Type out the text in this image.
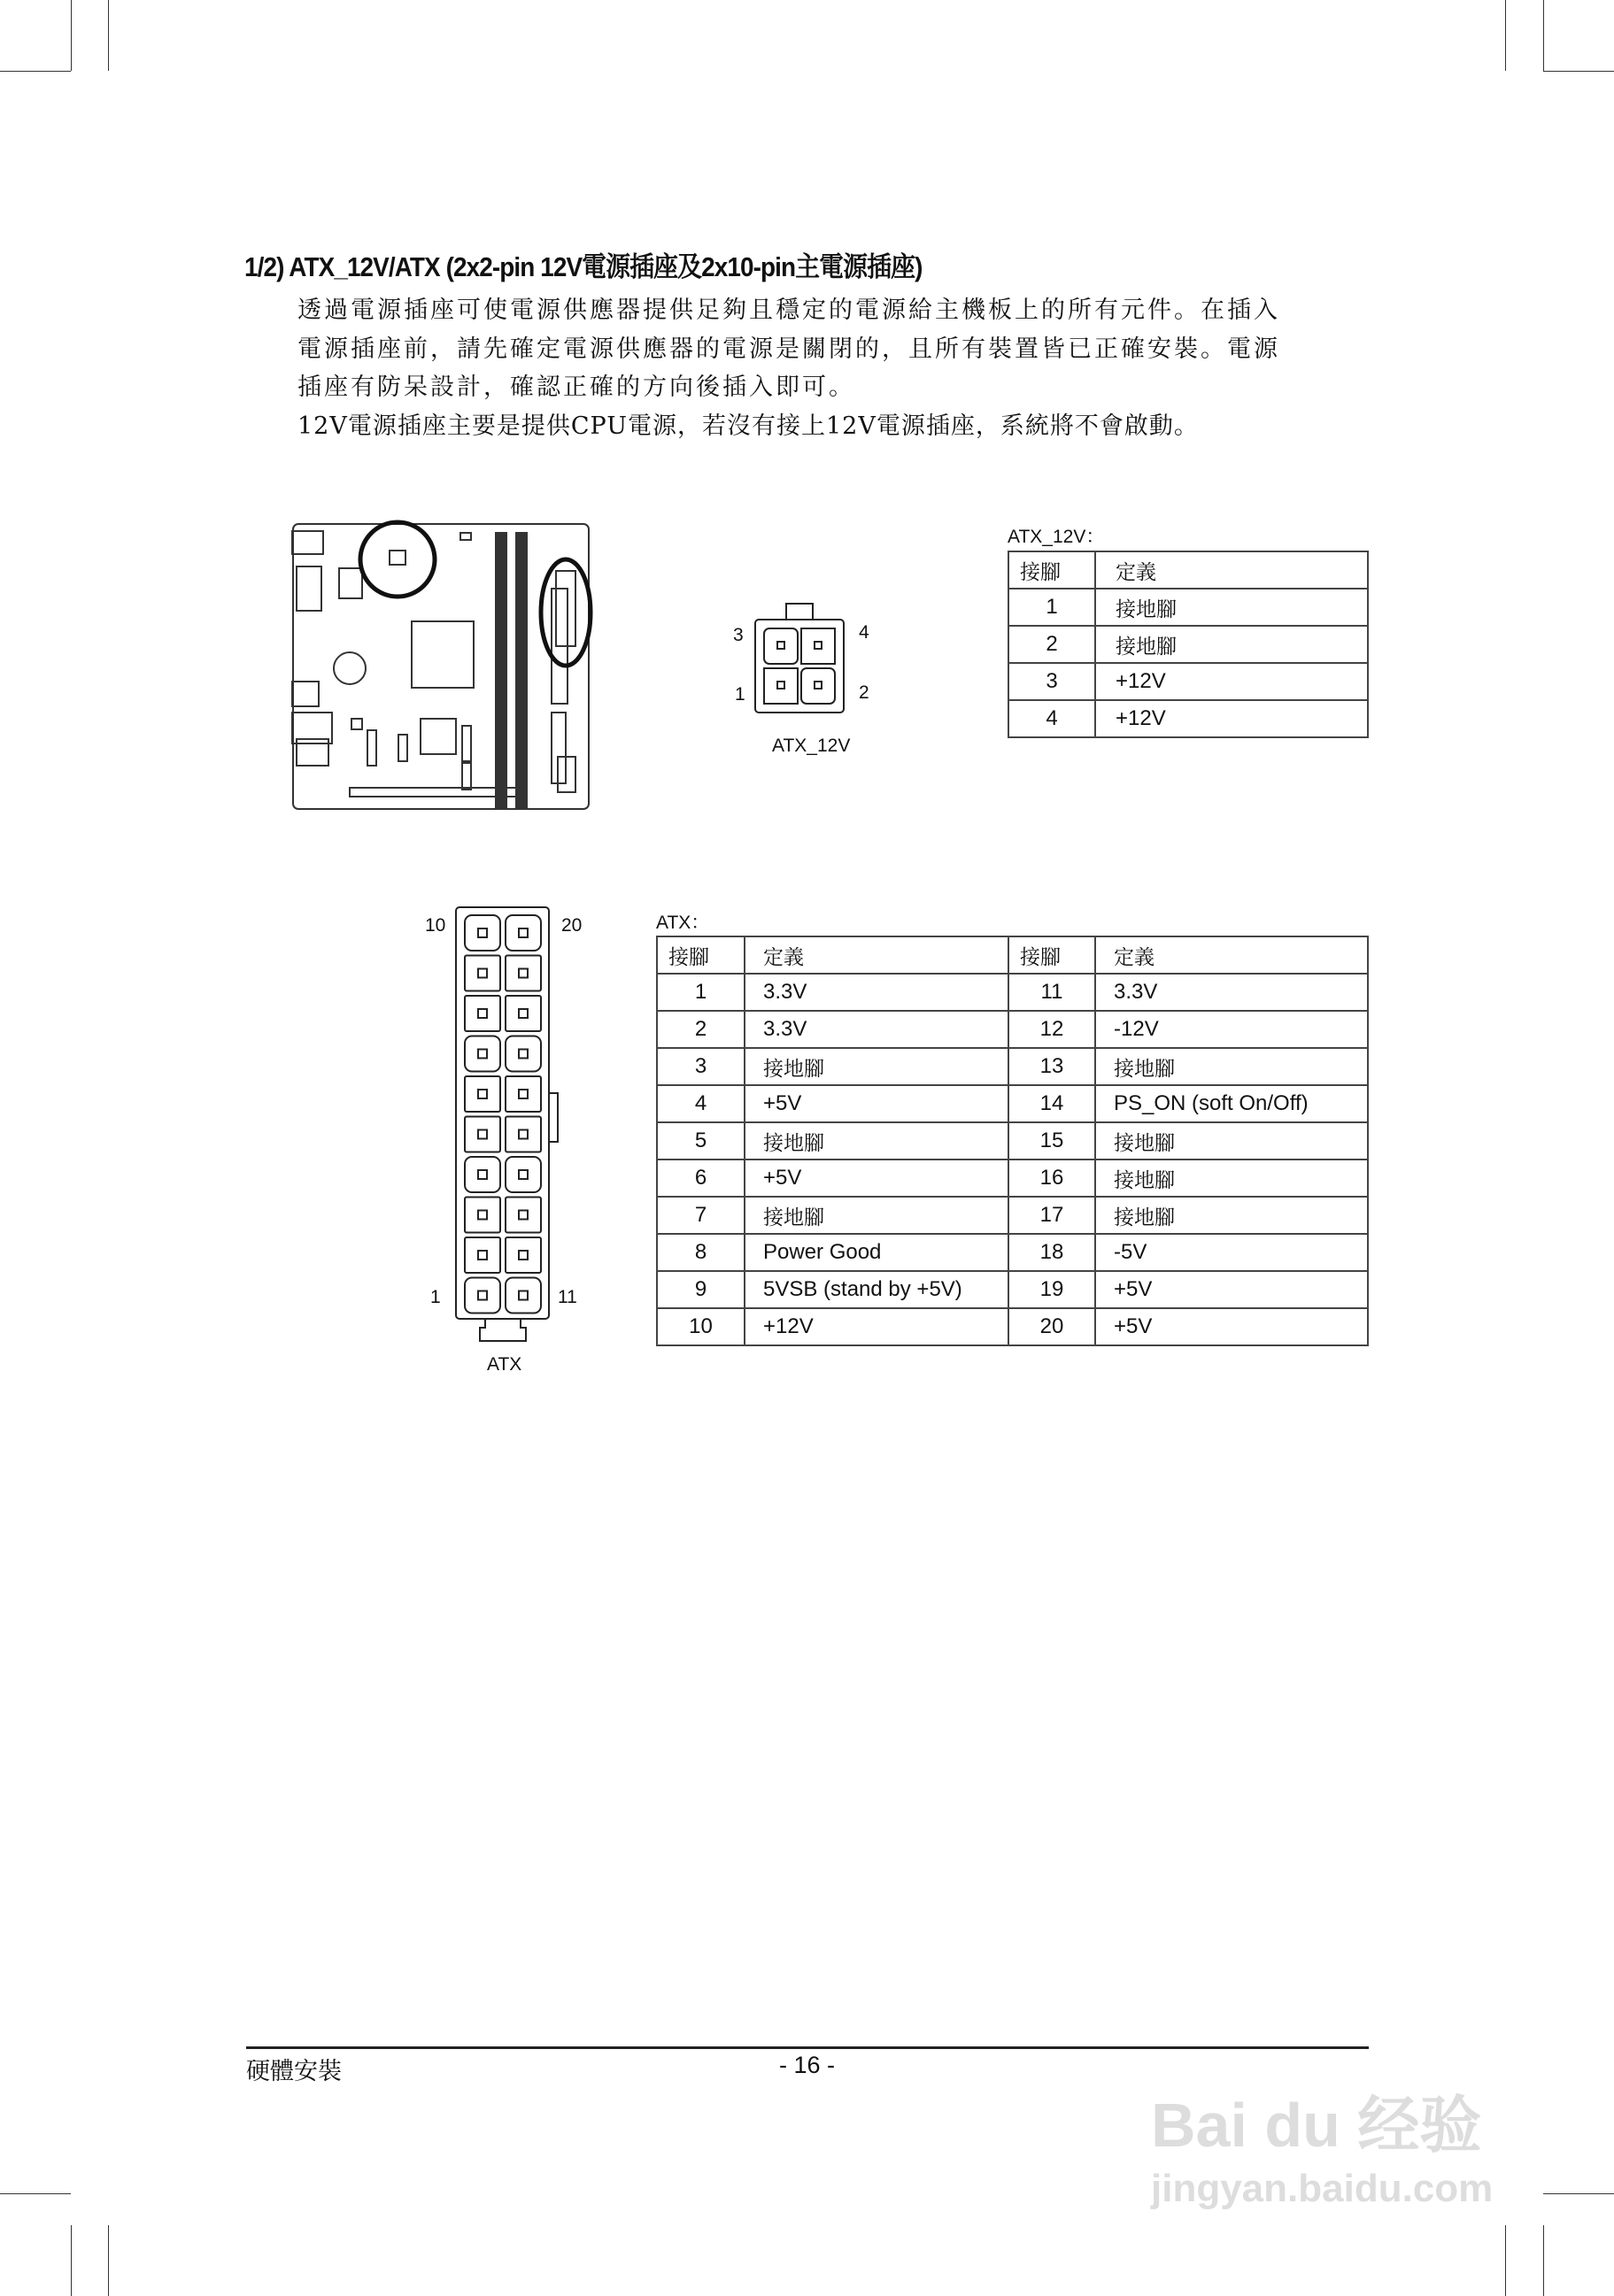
1/2) ATX_12V/ATX (2x2-pin 12V電源插座及2x10-pin主電源插座)
透過電源插座可使電源供應器提供足夠且穩定的電源給主機板上的所有元件。在插入
電源插座前，請先確定電源供應器的電源是關閉的，且所有裝置皆已正確安裝。電源
插座有防呆設計，確認正確的方向後插入即可。
12V電源插座主要是提供CPU電源，若沒有接上12V電源插座，系統將不會啟動。
3	4
1	2
ATX_12V
ATX_12V：
接腳	定義
1	接地腳
2	接地腳
3	+12V
4	+12V
10	20
1	11
ATX
ATX：
接腳	定義	接腳	定義
1	3.3V	11	3.3V
2	3.3V	12	-12V
3	接地腳	13	接地腳
4	+5V	14	PS_ON (soft On/Off)
5	接地腳	15	接地腳
6	+5V	16	接地腳
7	接地腳	17	接地腳
8	Power Good	18	-5V
9	5VSB (stand by +5V)	19	+5V
10	+12V	20	+5V
硬體安裝	- 16 -
Bai du 经验
jingyan.baidu.com
